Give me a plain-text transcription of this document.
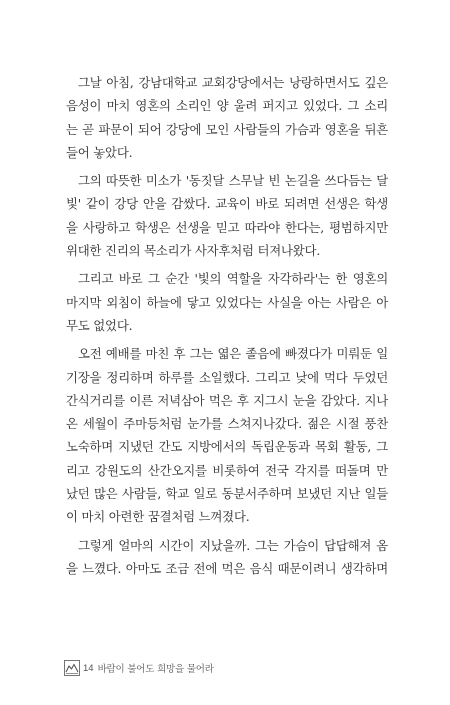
그날 아침, 강남대학교 교회강당에서는 낭랑하면서도 깊은
음성이 마치 영혼의 소리인 양 울려 퍼지고 있었다. 그 소리
는 곧 파문이 되어 강당에 모인 사람들의 가슴과 영혼을 뒤흔
들어 놓았다.
그의 따뜻한 미소가 '동짓달 스무날 빈 논길을 쓰다듬는 달
빛' 같이 강당 안을 감쌌다. 교육이 바로 되려면 선생은 학생
을 사랑하고 학생은 선생을 믿고 따라야 한다는, 평범하지만
위대한 진리의 목소리가 사자후처럼 터져나왔다.
그리고 바로 그 순간 '빛의 역할을 자각하라'는 한 영혼의
마지막 외침이 하늘에 닿고 있었다는 사실을 아는 사람은 아
무도 없었다.
오전 예배를 마친 후 그는 엷은 졸음에 빠졌다가 미뤄둔 일
기장을 정리하며 하루를 소일했다. 그리고 낮에 먹다 두었던
간식거리를 이른 저녁삼아 먹은 후 지그시 눈을 감았다. 지나
온 세월이 주마등처럼 눈가를 스쳐지나갔다. 젊은 시절 풍찬
노숙하며 지냈던 간도 지방에서의 독립운동과 목회 활동, 그
리고 강원도의 산간오지를 비롯하여 전국 각지를 떠돌며 만
났던 많은 사람들, 학교 일로 동분서주하며 보냈던 지난 일들
이 마치 아련한 꿈결처럼 느껴졌다.
그렇게 얼마의 시간이 지났을까. 그는 가슴이 답답해져 옴
을 느꼈다. 아마도 조금 전에 먹은 음식 때문이려니 생각하며
14 바람이 불어도 희망을 물어라
